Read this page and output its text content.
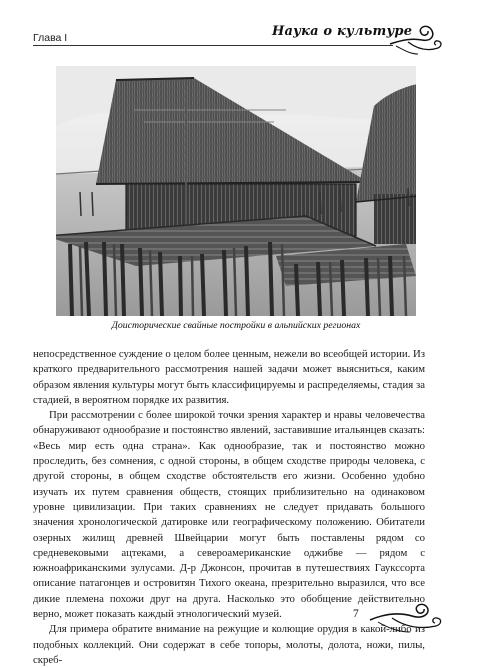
Глава I	Наука о культуре
Доисторические свайные постройки в альпийских регионах

непосредственное суждение о целом более ценным, нежели во всеобщей истории. Из краткого предварительного рассмотрения нашей задачи может выясниться, каким образом явления культуры могут быть классифицируемы и распределяемы, стадия за стадией, в вероятном порядке их развития.

При рассмотрении с более широкой точки зрения характер и нравы человечества обнаруживают однообразие и постоянство явлений, заставившие итальянцев сказать: «Весь мир есть одна страна». Как однообразие, так и постоянство можно проследить, без сомнения, с одной стороны, в общем сходстве природы человека, с другой стороны, в общем сходстве обстоятельств его жизни. Особенно удобно изучать их путем сравнения обществ, стоящих приблизительно на одинаковом уровне цивилизации. При таких сравнениях не следует придавать большого значения хронологической датировке или географическому положению. Обитатели озерных жилищ древней Швейцарии могут быть поставлены рядом со средневековыми ацтеками, а североамериканские оджибве — рядом с южноафриканскими зулусами. Д-р Джонсон, прочитав в путешествиях Гаукссорта описание патагонцев и островитян Тихого океана, презрительно выразился, что все дикие племена похожи друг на друга. Насколько это обобщение действительно верно, может показать каждый этнологический музей.

Для примера обратите внимание на режущие и колющие орудия в какой-либо из подобных коллекций. Они содержат в себе топоры, молоты, долота, ножи, пилы, скреб-

7
